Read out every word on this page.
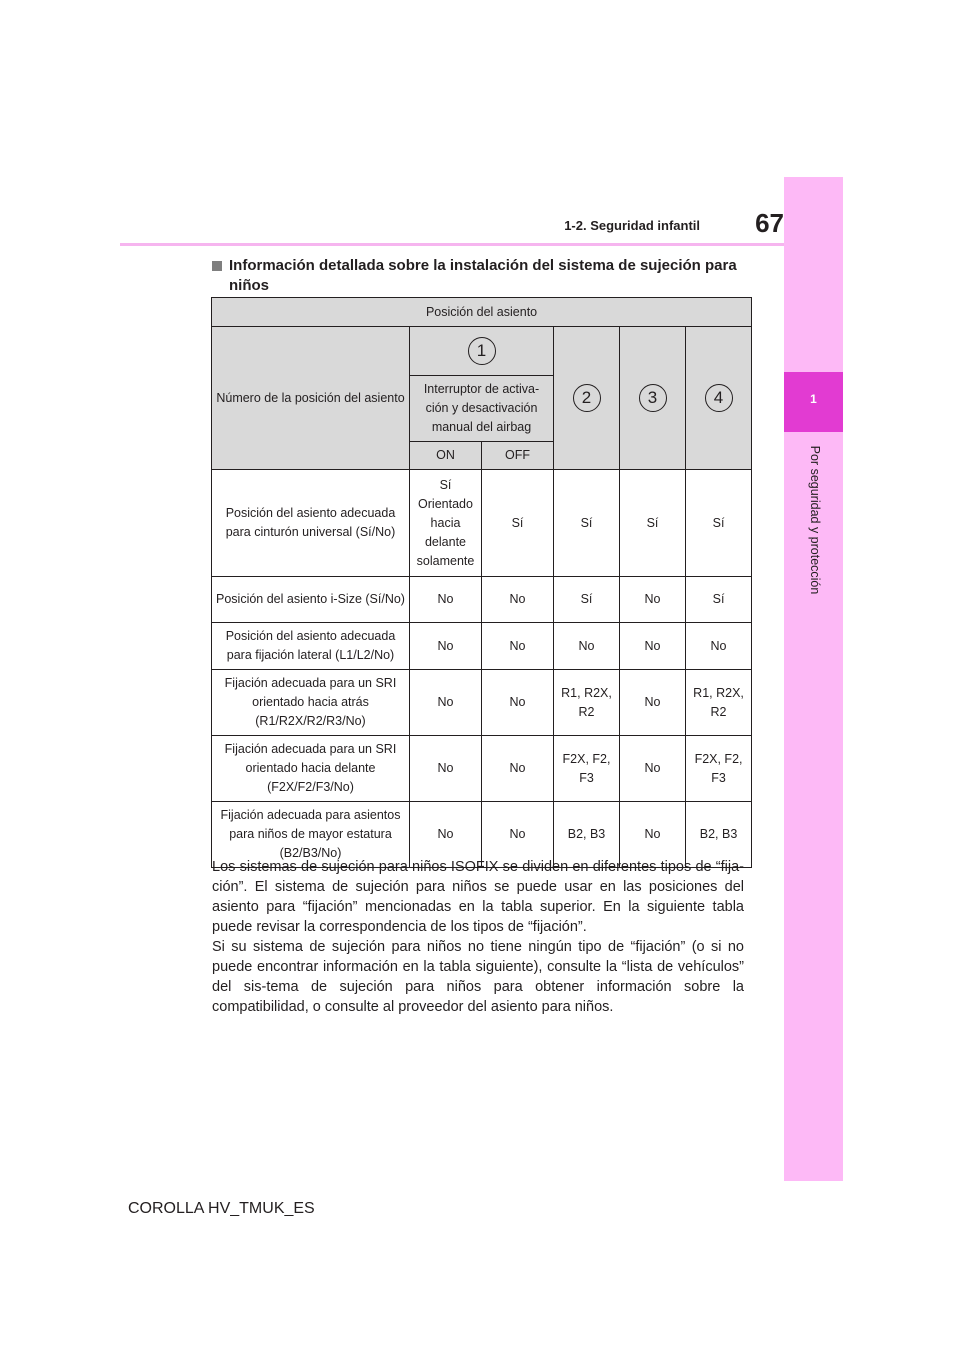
1
Por seguridad y protección
1-2. Seguridad infantil	67
Información detallada sobre la instalación del sistema de sujeción para niños
Posición del asiento					
Número de la posición del asiento	1		2	3	4
	Interruptor de activa-ción y desactivación manual del airbag				
	ON	OFF			
Posición del asiento adecuada para cinturón universal (Sí/No)	Sí Orientado hacia delante solamente	Sí	Sí	Sí	Sí
Posición del asiento i-Size (Sí/No)	No	No	Sí	No	Sí
Posición del asiento adecuada para fijación lateral (L1/L2/No)	No	No	No	No	No
Fijación adecuada para un SRI orientado hacia atrás (R1/R2X/R2/R3/No)	No	No	R1, R2X, R2	No	R1, R2X, R2
Fijación adecuada para un SRI orientado hacia delante (F2X/F2/F3/No)	No	No	F2X, F2, F3	No	F2X, F2, F3
Fijación adecuada para asientos para niños de mayor estatura (B2/B3/No)	No	No	B2, B3	No	B2, B3

Los sistemas de sujeción para niños ISOFIX se dividen en diferentes tipos de “fija-ción”. El sistema de sujeción para niños se puede usar en las posiciones del asiento para “fijación” mencionadas en la tabla superior. En la siguiente tabla puede revisar la correspondencia de los tipos de “fijación”.

Si su sistema de sujeción para niños no tiene ningún tipo de “fijación” (o si no puede encontrar información en la tabla siguiente), consulte la “lista de vehículos” del sis-tema de sujeción para niños para obtener información sobre la compatibilidad, o consulte al proveedor del asiento para niños.

COROLLA HV_TMUK_ES
